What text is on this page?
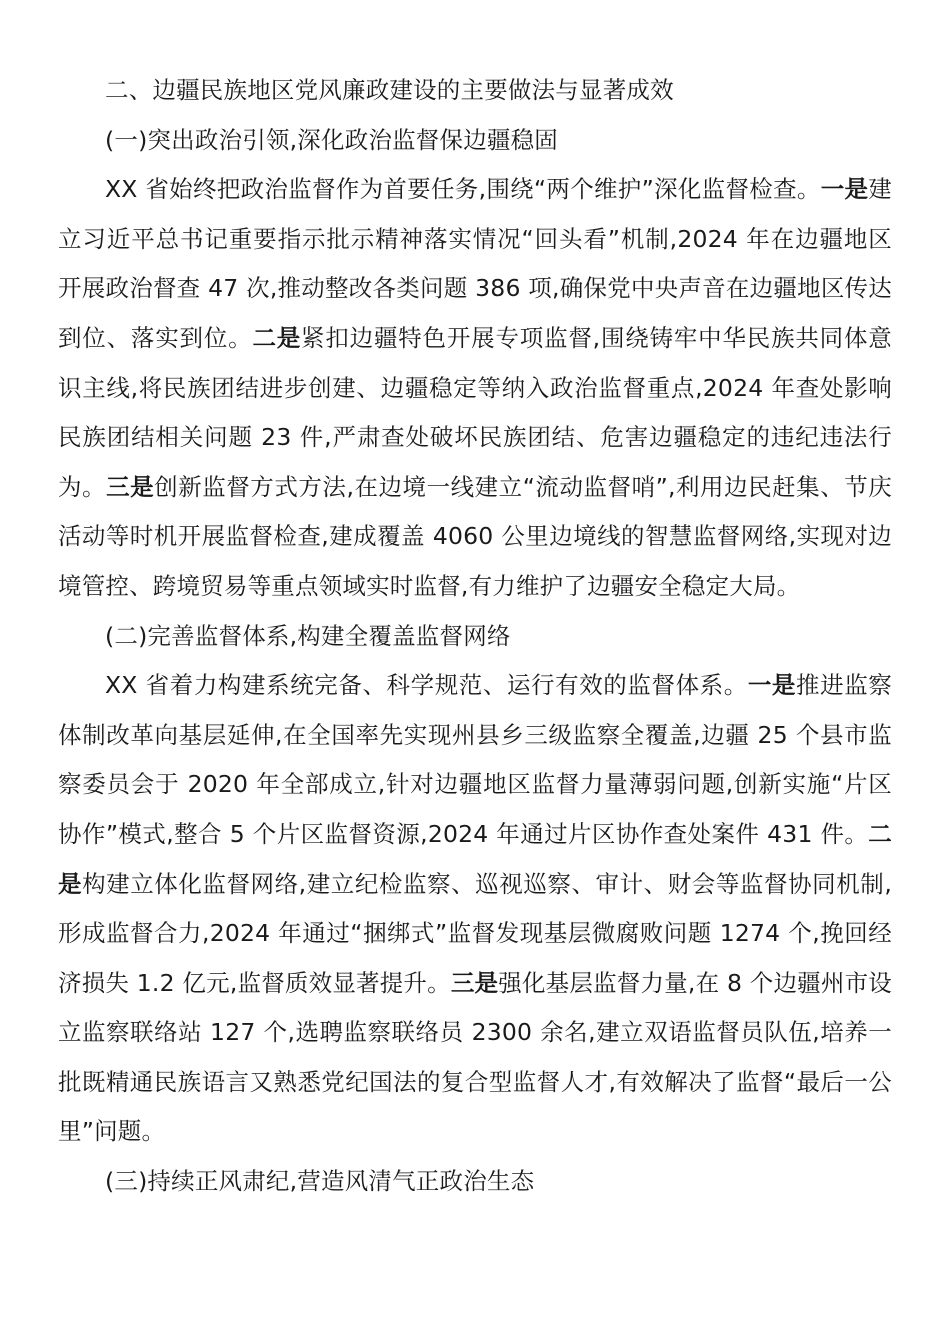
二、边疆民族地区党风廉政建设的主要做法与显著成效

(一)突出政治引领,深化政治监督保边疆稳固

XX 省始终把政治监督作为首要任务,围绕“两个维护”深化监督检查。一是建立习近平总书记重要指示批示精神落实情况“回头看”机制,2024 年在边疆地区开展政治督查 47 次,推动整改各类问题 386 项,确保党中央声音在边疆地区传达到位、落实到位。二是紧扣边疆特色开展专项监督,围绕铸牢中华民族共同体意识主线,将民族团结进步创建、边疆稳定等纳入政治监督重点,2024 年查处影响民族团结相关问题 23 件,严肃查处破坏民族团结、危害边疆稳定的违纪违法行为。三是创新监督方式方法,在边境一线建立“流动监督哨”,利用边民赶集、节庆活动等时机开展监督检查,建成覆盖 4060 公里边境线的智慧监督网络,实现对边境管控、跨境贸易等重点领域实时监督,有力维护了边疆安全稳定大局。

(二)完善监督体系,构建全覆盖监督网络

XX 省着力构建系统完备、科学规范、运行有效的监督体系。一是推进监察体制改革向基层延伸,在全国率先实现州县乡三级监察全覆盖,边疆 25 个县市监察委员会于 2020 年全部成立,针对边疆地区监督力量薄弱问题,创新实施“片区协作”模式,整合 5 个片区监督资源,2024 年通过片区协作查处案件 431 件。二是构建立体化监督网络,建立纪检监察、巡视巡察、审计、财会等监督协同机制,形成监督合力,2024 年通过“捆绑式”监督发现基层微腐败问题 1274 个,挽回经济损失 1.2 亿元,监督质效显著提升。三是强化基层监督力量,在 8 个边疆州市设立监察联络站 127 个,选聘监察联络员 2300 余名,建立双语监督员队伍,培养一批既精通民族语言又熟悉党纪国法的复合型监督人才,有效解决了监督“最后一公里”问题。

(三)持续正风肃纪,营造风清气正政治生态
